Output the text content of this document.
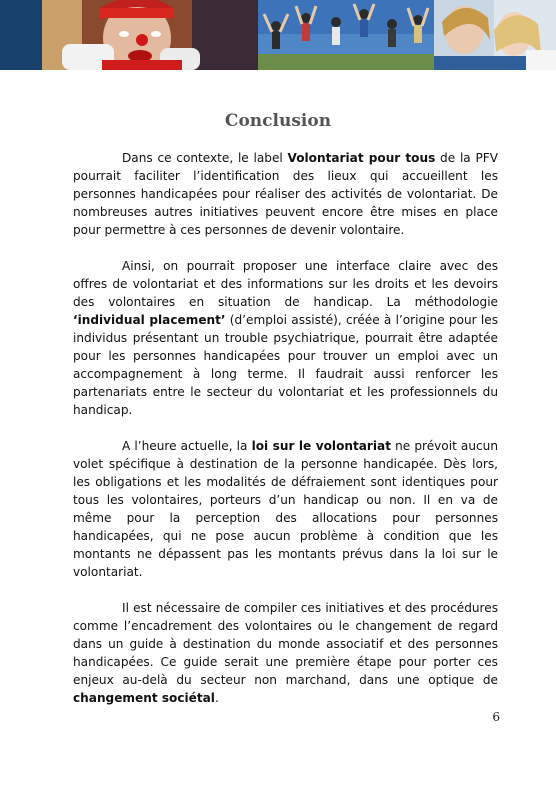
Conclusion

Dans ce contexte, le label Volontariat pour tous de la PFV pourrait faciliter l’identification des lieux qui accueillent les personnes handicapées pour réaliser des activités de volontariat. De nombreuses autres initiatives peuvent encore être mises en place pour permettre à ces personnes de devenir volontaire.

Ainsi, on pourrait proposer une interface claire avec des offres de volontariat et des informations sur les droits et les devoirs des volontaires en situation de handicap. La méthodologie ‘individual placement’ (d’emploi assisté), créée à l’origine pour les individus présentant un trouble psychiatrique, pourrait être adaptée pour les personnes handicapées pour trouver un emploi avec un accompagnement à long terme. Il faudrait aussi renforcer les partenariats entre le secteur du volontariat et les professionnels du handicap.

A l’heure actuelle, la loi sur le volontariat ne prévoit aucun volet spécifique à destination de la personne handicapée. Dès lors, les obligations et les modalités de défraiement sont identiques pour tous les volontaires, porteurs d’un handicap ou non. Il en va de même pour la perception des allocations pour personnes handicapées, qui ne pose aucun problème à condition que les montants ne dépassent pas les montants prévus dans la loi sur le volontariat.

Il est nécessaire de compiler ces initiatives et des procédures comme l’encadrement des volontaires ou le changement de regard dans un guide à destination du monde associatif et des personnes handicapées. Ce guide serait une première étape pour porter ces enjeux au-delà du secteur non marchand, dans une optique de changement sociétal.

6
